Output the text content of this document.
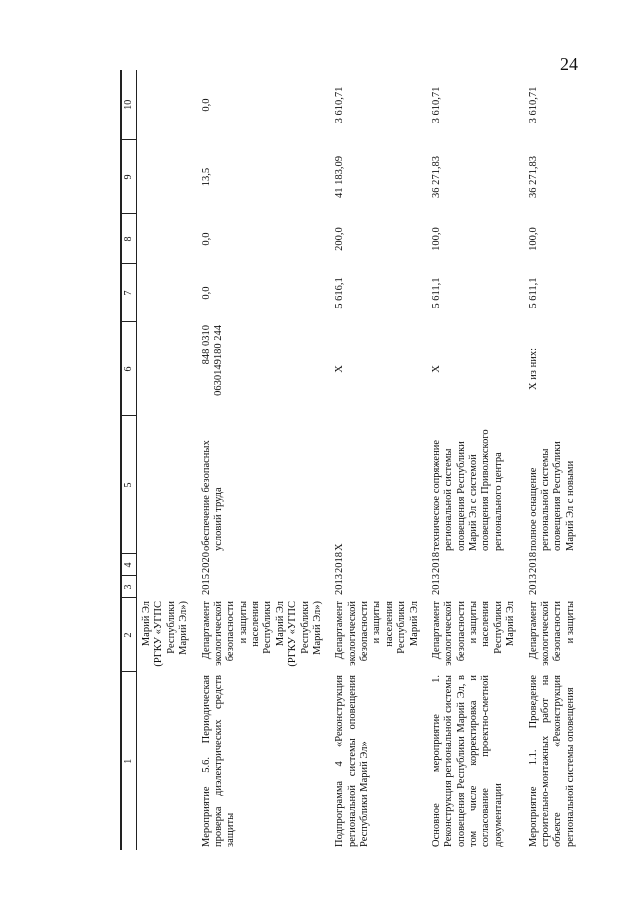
24
1	2	3	4	5	6	7	8	9	10
	Марий Эл (РГКУ «УГПС Республики Марий Эл»)								
Мероприятие 5.6. Периодическая проверка диэлектрических средств защиты	Департамент экологической безопасности и защиты населения Республики Марий Эл (РГКУ «УГПС Республики Марий Эл»)	2015	2020	обеспечение безопасных условий труда	848 0310 0630149180 244	0,0	0,0	13,5	0,0
Подпрограмма 4 «Реконструкция региональной системы оповещения Республики Марий Эл»	Департамент экологической безопасности и защиты населения Республики Марий Эл	2013	2018	X	X	5 616,1	200,0	41 183,09	3 610,71
Основное мероприятие 1. Реконструкция региональной системы оповещения Республики Марий Эл, в том числе корректировка и согласование проектно-сметной документации	Департамент экологической безопасности и защиты населения Республики Марий Эл	2013	2018	техническое сопряжение региональной системы оповещения Республики Марий Эл с системой оповещения Приволжского регионального центра	X	5 611,1	100,0	36 271,83	3 610,71
Мероприятие 1.1. Проведение строительно-монтажных работ на объекте «Реконструкция региональной системы оповещения	Департамент экологической безопасности и защиты	2013	2018	полное оснащение региональной системы оповещения Республики Марий Эл с новыми	X из них:	5 611,1	100,0	36 271,83	3 610,71
